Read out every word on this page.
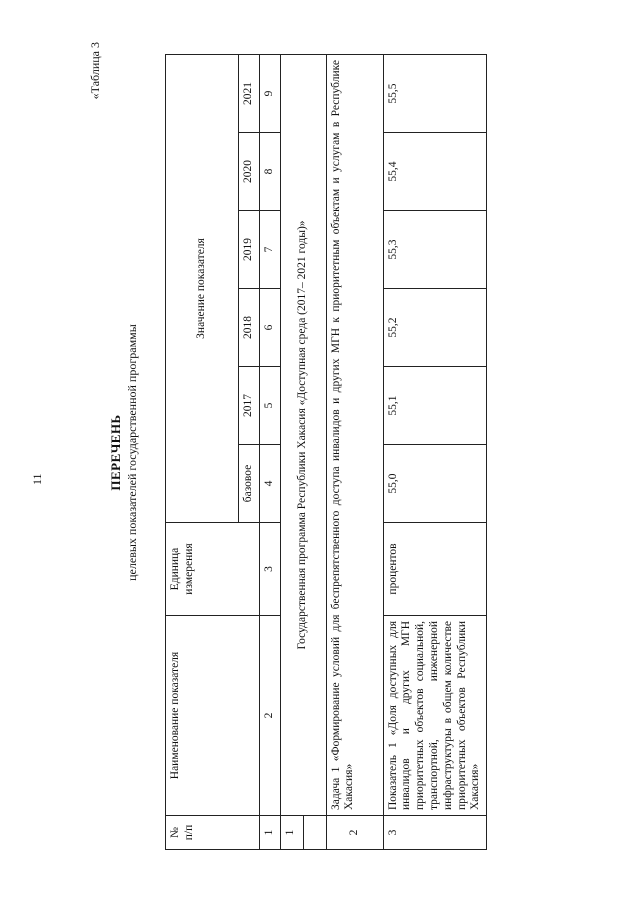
11
«Таблица 3
ПЕРЕЧЕНЬ целевых показателей государственной программы
№ п/п	Наименование показателя	Единица измерения	Значение показателя					
			базовое	2017	2018	2019	2020	2021
1	2	3	4	5	6	7	8	9
1	Государственная программа Республики Хакасия «Доступная среда (2017– 2021 годы)»							

2	Задача 1 «Формирование условий для беспрепятственного доступа инвалидов и других МГН к приоритетным объектам и услугам в Республике Хакасия»							
3	Показатель 1 «Доля доступных для инвалидов и других МГН приоритетных объектов социальной, транспортной, инженерной инфраструктуры в общем количестве приоритетных объектов Республики Хакасия»	процентов	55,0	55,1	55,2	55,3	55,4	55,5
